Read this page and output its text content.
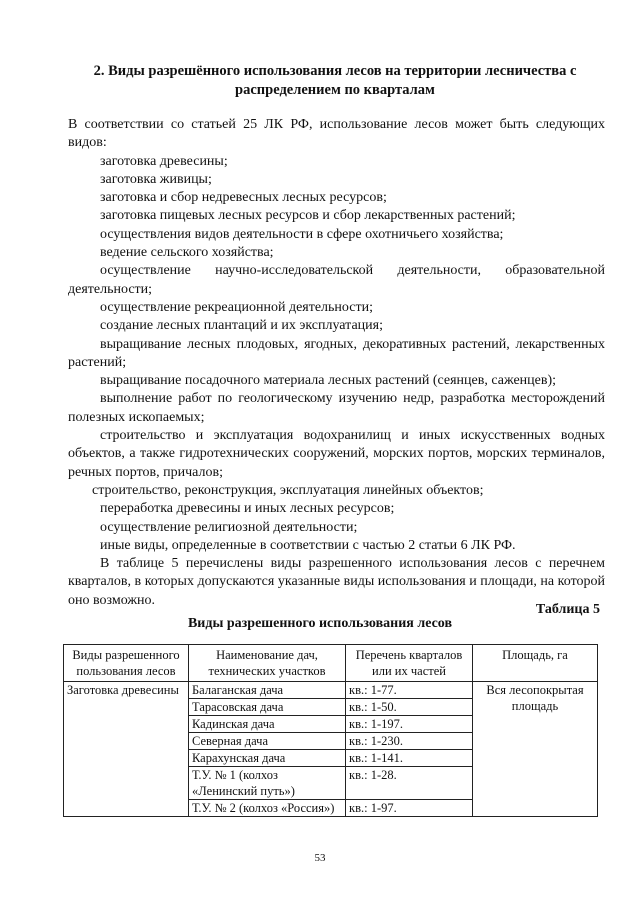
2. Виды разрешённого использования лесов на территории лесничества с
распределением по кварталам

В соответствии со статьей 25 ЛК РФ, использование лесов может быть следующих видов:

заготовка древесины;

заготовка живицы;

заготовка и сбор недревесных лесных ресурсов;

заготовка пищевых лесных ресурсов и сбор лекарственных растений;

осуществления видов деятельности в сфере охотничьего хозяйства;

ведение сельского хозяйства;

осуществление научно-исследовательской деятельности, образовательной деятельности;

осуществление рекреационной деятельности;

создание лесных плантаций и их эксплуатация;

выращивание лесных плодовых, ягодных, декоративных растений, лекарственных растений;

выращивание посадочного материала лесных растений (сеянцев, саженцев);

выполнение работ по геологическому изучению недр, разработка месторождений полезных ископаемых;

строительство и эксплуатация водохранилищ и иных искусственных водных объектов, а также гидротехнических сооружений, морских портов, морских терминалов, речных портов, причалов;

строительство, реконструкция, эксплуатация линейных объектов;

переработка древесины и иных лесных ресурсов;

осуществление религиозной деятельности;

иные виды, определенные в соответствии с частью 2 статьи 6 ЛК РФ.

В таблице 5 перечислены виды разрешенного использования лесов с перечнем кварталов, в которых допускаются указанные виды использования и площади, на которой оно возможно.

Таблица 5
Виды разрешенного использования лесов
Виды разрешенного пользования лесов	Наименование дач, технических участков	Перечень кварталов или их частей	Площадь, га
Заготовка древесины	Балаганская дача	кв.: 1-77.	Вся лесопокрытая площадь
	Тарасовская дача	кв.: 1-50.	
	Кадинская дача	кв.: 1-197.	
	Северная дача	кв.: 1-230.	
	Карахунская дача	кв.: 1-141.	
	Т.У. № 1 (колхоз «Ленинский путь»)	кв.: 1-28.	
	Т.У. № 2 (колхоз «Россия»)	кв.: 1-97.	
53
